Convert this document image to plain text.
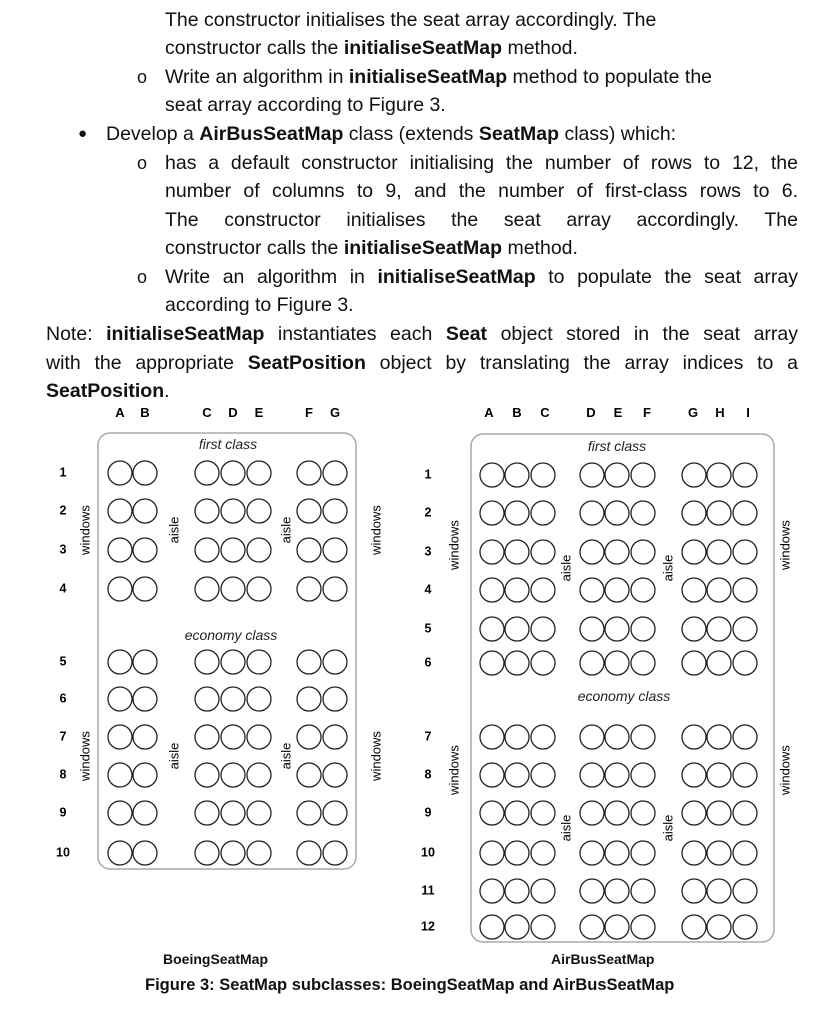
The constructor initialises the seat array accordingly. The
constructor calls the initialiseSeatMap method.
o Write an algorithm in initialiseSeatMap method to populate the
seat array according to Figure 3.
● Develop a AirBusSeatMap class (extends SeatMap class) which:
o has a default constructor initialising the number of rows to 12, the
number of columns to 9, and the number of first-class rows to 6.
The constructor initialises the seat array accordingly. The
constructor calls the initialiseSeatMap method.
o Write an algorithm in initialiseSeatMap to populate the seat array
according to Figure 3.
Note: initialiseSeatMap instantiates each Seat object stored in the seat array
with the appropriate SeatPosition object by translating the array indices to a
SeatPosition.
A B	C D E	F G
1
2
3
4
5
6
7
8
9
10
first class
economy class
windows	windows
windows	windows
aisle	aisle
aisle	aisle
A B C	D E F	G H I
1
2
3
4
5
6
7
8
9
10
11
12
first class
economy class
windows	windows
windows	windows
aisle	aisle
aisle	aisle
BoeingSeatMap	AirBusSeatMap
Figure 3: SeatMap subclasses: BoeingSeatMap and AirBusSeatMap
